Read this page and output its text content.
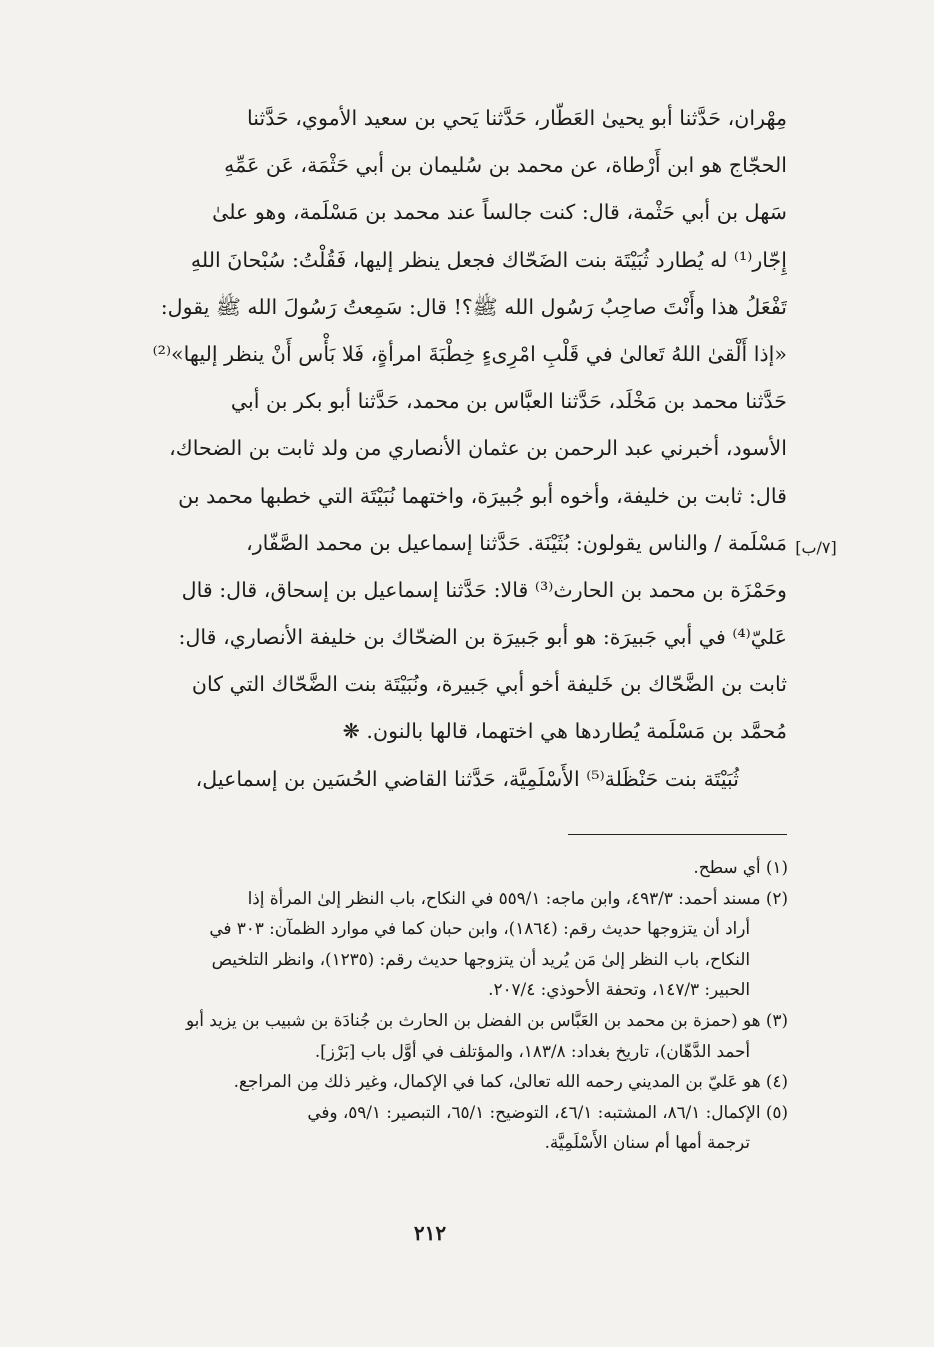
مِهْران، حَدَّثنا أبو يحيىٰ العَطّار، حَدَّثنا يَحي بن سعيد الأموي، حَدَّثنا
الحجّاج هو ابن أَرْطاة، عن محمد بن سُليمان بن أبي حَثْمَة، عَن عَمِّهِ
سَهل بن أبي حَثْمة، قال: كنت جالساً عند محمد بن مَسْلَمة، وهو علىٰ
إِجّار⁽¹⁾ له يُطارد ثُبَيْتَة بنت الضَحّاك فجعل ينظر إليها، فَقُلْتُ: سُبْحانَ اللهِ
تَفْعَلُ هذا وأَنْتَ صاحِبُ رَسُول الله ﷺ؟! قال: سَمِعتُ رَسُولَ الله ﷺ يقول:
«إذا أَلْقىٰ اللهُ تَعالىٰ في قَلْبِ امْرِىءٍ خِطْبَةَ امرأةٍ، فَلا بَأْس أَنْ ينظر إليها»⁽²⁾
حَدَّثنا محمد بن مَخْلَد، حَدَّثنا العبَّاس بن محمد، حَدَّثنا أبو بكر بن أبي
الأسود، أخبرني عبد الرحمن بن عثمان الأنصاري من ولد ثابت بن الضحاك،
قال: ثابت بن خليفة، وأخوه أبو جُبيرَة، واختهما نُبَيْتَة التي خطبها محمد بن
مَسْلَمة / والناس يقولون: بُثَيْنَة. حَدَّثنا إسماعيل بن محمد الصَّفّار،
وحَمْزَة بن محمد بن الحارث⁽³⁾ قالا: حَدَّثنا إسماعيل بن إسحاق، قال: قال
عَليّ⁽⁴⁾ في أبي جَبيرَة: هو أبو جَبيرَة بن الضحّاك بن خليفة الأنصاري، قال:
ثابت بن الضَّحّاك بن خَليفة أخو أبي جَبيرة، ونُبَيْتَة بنت الضَّحّاك التي كان
مُحمَّد بن مَسْلَمة يُطاردها هي اختهما، قالها بالنون. ❋
ثُبَيْتَة بنت حَنْظَلة⁽⁵⁾ الأَسْلَمِيَّة، حَدَّثنا القاضي الحُسَين بن إسماعيل،
[٧/ب]
(١) أي سطح.
(٢) مسند أحمد: ٤٩٣/٣، وابن ماجه: ٥٥٩/١ في النكاح، باب النظر إلىٰ المرأة إذا
أراد أن يتزوجها حديث رقم: (١٨٦٤)، وابن حبان كما في موارد الظمآن: ٣٠٣ في
النكاح، باب النظر إلىٰ مَن يُريد أن يتزوجها حديث رقم: (١٢٣٥)، وانظر التلخيص
الحبير: ١٤٧/٣، وتحفة الأحوذي: ٢٠٧/٤.
(٣) هو (حمزة بن محمد بن العَبَّاس بن الفضل بن الحارث بن جُنادَة بن شبيب بن يزيد أبو
أحمد الدَّهّان)، تاريخ بغداد: ١٨٣/٨، والمؤتلف في أوَّل باب [بَرْز].
(٤) هو عَليّ بن المديني رحمه الله تعالىٰ، كما في الإكمال، وغير ذلك مِن المراجع.
(٥) الإكمال: ٨٦/١، المشتبه: ٤٦/١، التوضيح: ٦٥/١، التبصير: ٥٩/١، وفي
ترجمة أمها أم سنان الأَسْلَمِيَّة.
٢١٢
